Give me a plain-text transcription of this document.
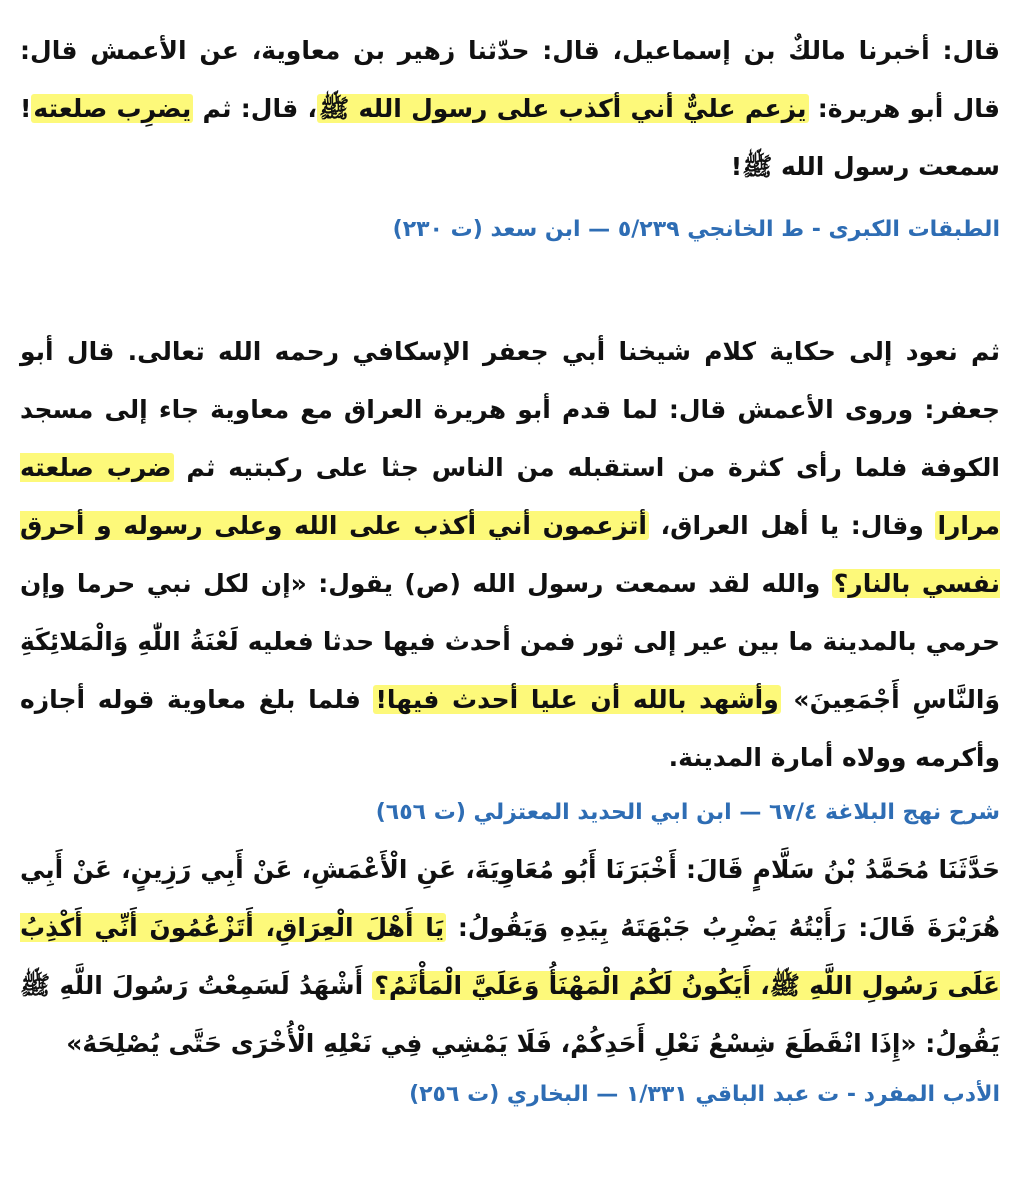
قال: أخبرنا مالكٌ بن إسماعيل، قال: حدّثنا زهير بن معاوية، عن الأعمش قال: قال أبو هريرة: يزعم عليٌّ أني أكذب على رسول الله ﷺ، قال: ثم يضرِب صلعته! سمعت رسول الله ﷺ!

الطبقات الكبرى - ط الخانجي ٥/٢٣٩ — ابن سعد (ت ٢٣٠)

ثم نعود إلى حكاية كلام شيخنا أبي جعفر الإسكافي رحمه الله تعالى. قال أبو جعفر: وروى الأعمش قال: لما قدم أبو هريرة العراق مع معاوية جاء إلى مسجد الكوفة فلما رأى كثرة من استقبله من الناس جثا على ركبتيه ثم ضرب صلعته مرارا وقال: يا أهل العراق، أتزعمون أني أكذب على الله وعلى رسوله و أحرق نفسي بالنار؟ والله لقد سمعت رسول الله (ص) يقول: «إن لكل نبي حرما وإن حرمي بالمدينة ما بين عير إلى ثور فمن أحدث فيها حدثا فعليه لَعْنَةُ اللّٰهِ وَالْمَلائِكَةِ وَالنَّاسِ أَجْمَعِينَ» وأشهد بالله أن عليا أحدث فيها! فلما بلغ معاوية قوله أجازه وأكرمه وولاه أمارة المدينة.

شرح نهج البلاغة ٦٧/٤ — ابن ابي الحديد المعتزلي (ت ٦٥٦)

حَدَّثَنَا مُحَمَّدُ بْنُ سَلَّامٍ قَالَ: أَخْبَرَنَا أَبُو مُعَاوِيَةَ، عَنِ الْأَعْمَشِ، عَنْ أَبِي رَزِينٍ، عَنْ أَبِي هُرَيْرَةَ قَالَ: رَأَيْتُهُ يَضْرِبُ جَبْهَتَهُ بِيَدِهِ وَيَقُولُ: يَا أَهْلَ الْعِرَاقِ، أَتَزْعُمُونَ أَنِّي أَكْذِبُ عَلَى رَسُولِ اللَّهِ ﷺ، أَيَكُونُ لَكُمُ الْمَهْنَأُ وَعَلَيَّ الْمَأْثَمُ؟ أَشْهَدُ لَسَمِعْتُ رَسُولَ اللَّهِ ﷺ يَقُولُ: «إِذَا انْقَطَعَ شِسْعُ نَعْلِ أَحَدِكُمْ، فَلَا يَمْشِي فِي نَعْلِهِ الْأُخْرَى حَتَّى يُصْلِحَهُ»

الأدب المفرد - ت عبد الباقي ١/٣٣١ — البخاري (ت ٢٥٦)
